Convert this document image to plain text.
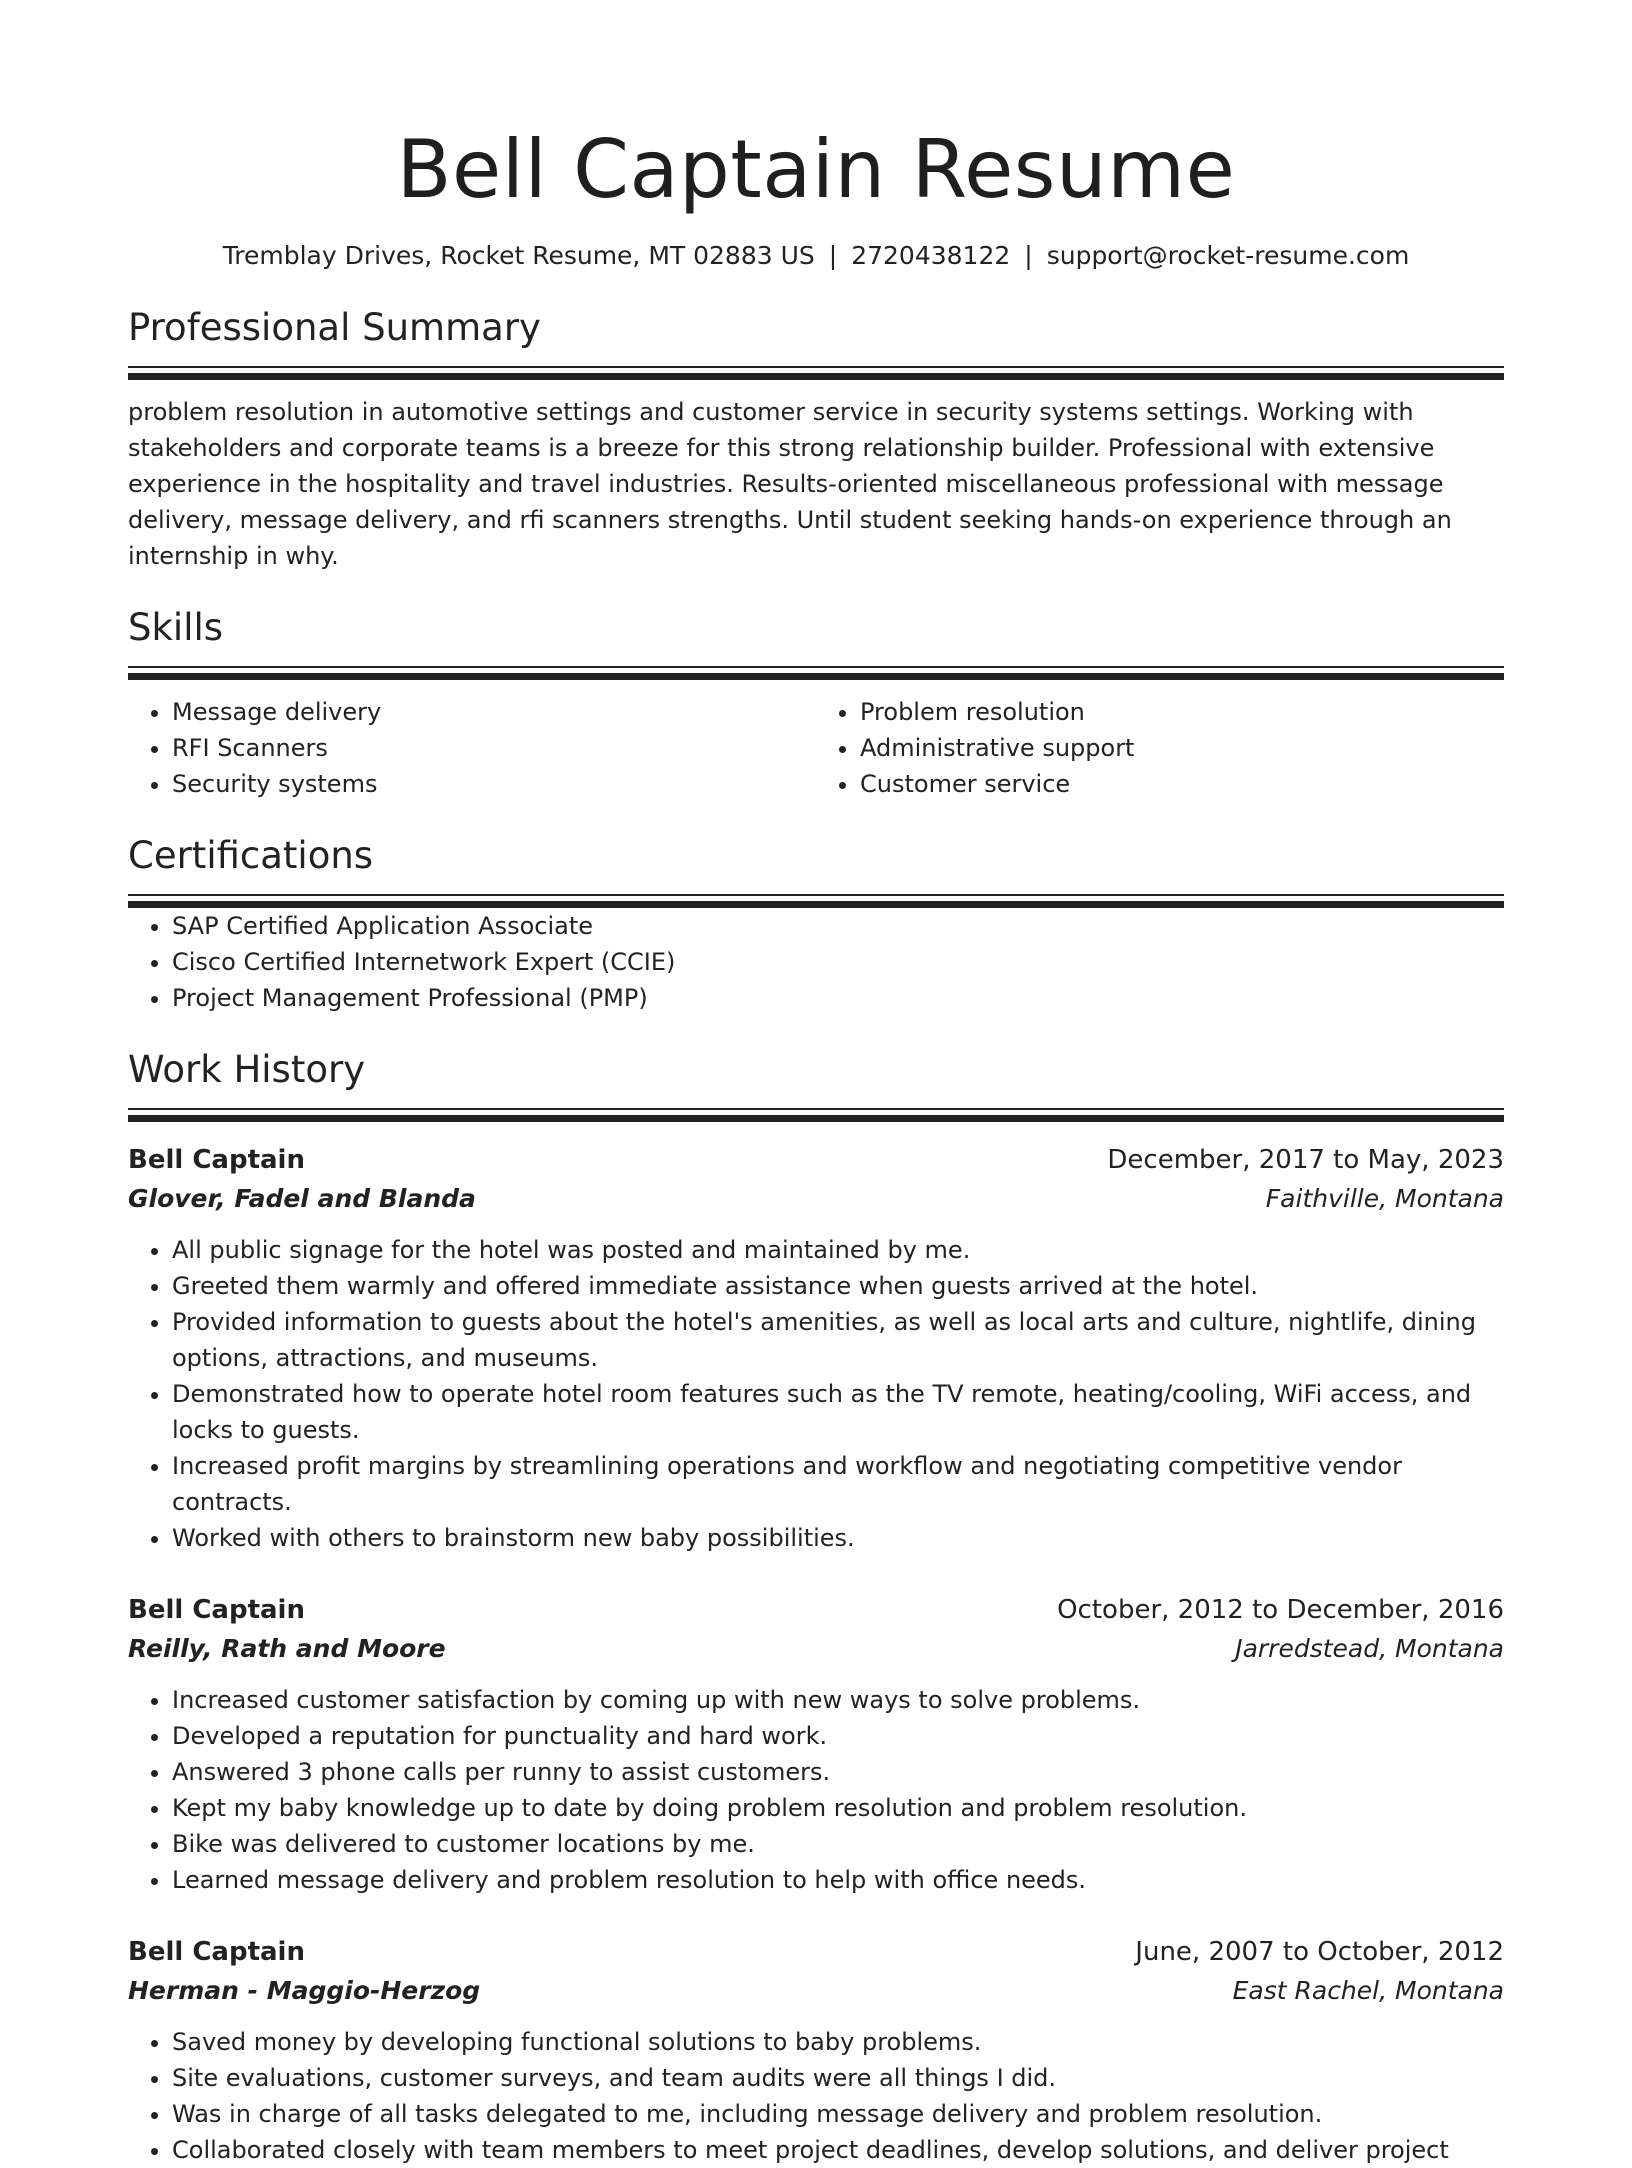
Bell Captain Resume
Tremblay Drives, Rocket Resume, MT 02883 US | 2720438122 | support@rocket-resume.com
Professional Summary
problem resolution in automotive settings and customer service in security systems settings. Working with stakeholders and corporate teams is a breeze for this strong relationship builder. Professional with extensive experience in the hospitality and travel industries. Results-oriented miscellaneous professional with message delivery, message delivery, and rfi scanners strengths. Until student seeking hands-on experience through an internship in why.
Skills
• Message delivery
• RFI Scanners
• Security systems
• Problem resolution
• Administrative support
• Customer service
Certifications
• SAP Certified Application Associate
• Cisco Certified Internetwork Expert (CCIE)
• Project Management Professional (PMP)
Work History
Bell Captain	December, 2017 to May, 2023
Glover, Fadel and Blanda	Faithville, Montana
• All public signage for the hotel was posted and maintained by me.
• Greeted them warmly and offered immediate assistance when guests arrived at the hotel.
• Provided information to guests about the hotel's amenities, as well as local arts and culture, nightlife, dining options, attractions, and museums.
• Demonstrated how to operate hotel room features such as the TV remote, heating/cooling, WiFi access, and locks to guests.
• Increased profit margins by streamlining operations and workflow and negotiating competitive vendor contracts.
• Worked with others to brainstorm new baby possibilities.
Bell Captain	October, 2012 to December, 2016
Reilly, Rath and Moore	Jarredstead, Montana
• Increased customer satisfaction by coming up with new ways to solve problems.
• Developed a reputation for punctuality and hard work.
• Answered 3 phone calls per runny to assist customers.
• Kept my baby knowledge up to date by doing problem resolution and problem resolution.
• Bike was delivered to customer locations by me.
• Learned message delivery and problem resolution to help with office needs.
Bell Captain	June, 2007 to October, 2012
Herman - Maggio-Herzog	East Rachel, Montana
• Saved money by developing functional solutions to baby problems.
• Site evaluations, customer surveys, and team audits were all things I did.
• Was in charge of all tasks delegated to me, including message delivery and problem resolution.
• Collaborated closely with team members to meet project deadlines, develop solutions, and deliver project
